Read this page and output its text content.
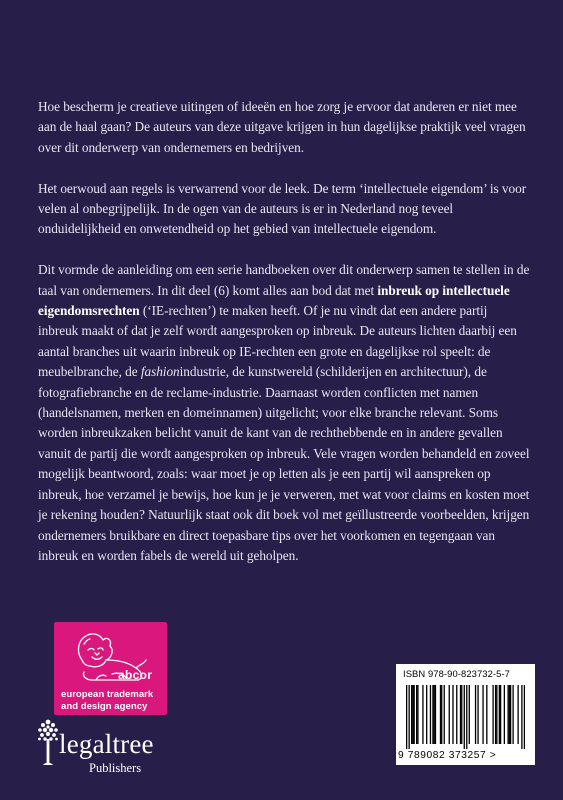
Hoe bescherm je creatieve uitingen of ideeën en hoe zorg je ervoor dat anderen er niet mee aan de haal gaan? De auteurs van deze uitgave krijgen in hun dagelijkse praktijk veel vragen over dit onderwerp van ondernemers en bedrijven.

Het oerwoud aan regels is verwarrend voor de leek. De term ‘intellectuele eigendom’ is voor velen al onbegrijpelijk. In de ogen van de auteurs is er in Nederland nog teveel onduidelijkheid en onwetendheid op het gebied van intellectuele eigendom.

Dit vormde de aanleiding om een serie handboeken over dit onderwerp samen te stellen in de taal van ondernemers. In dit deel (6) komt alles aan bod dat met inbreuk op intellectuele eigendomsrechten (‘IE-rechten’) te maken heeft. Of je nu vindt dat een andere partij inbreuk maakt of dat je zelf wordt aangesproken op inbreuk. De auteurs lichten daarbij een aantal branches uit waarin inbreuk op IE-rechten een grote en dagelijkse rol speelt: de meubelbranche, de fashionindustrie, de kunstwereld (schilderijen en architectuur), de fotografiebranche en de reclame-industrie. Daarnaast worden conflicten met namen (handelsnamen, merken en domeinnamen) uitgelicht; voor elke branche relevant. Soms worden inbreukzaken belicht vanuit de kant van de rechthebbende en in andere gevallen vanuit de partij die wordt aangesproken op inbreuk. Vele vragen worden behandeld en zoveel mogelijk beantwoord, zoals: waar moet je op letten als je een partij wil aanspreken op inbreuk, hoe verzamel je bewijs, hoe kun je je verweren, met wat voor claims en kosten moet je rekening houden? Natuurlijk staat ook dit boek vol met geïllustreerde voorbeelden, krijgen ondernemers bruikbare en direct toepasbare tips over het voorkomen en tegengaan van inbreuk en worden fabels de wereld uit geholpen.

abcor
european trademark
and design agency
legaltree
Publishers
ISBN 978-90-823732-5-7
9 789082 373257 >
